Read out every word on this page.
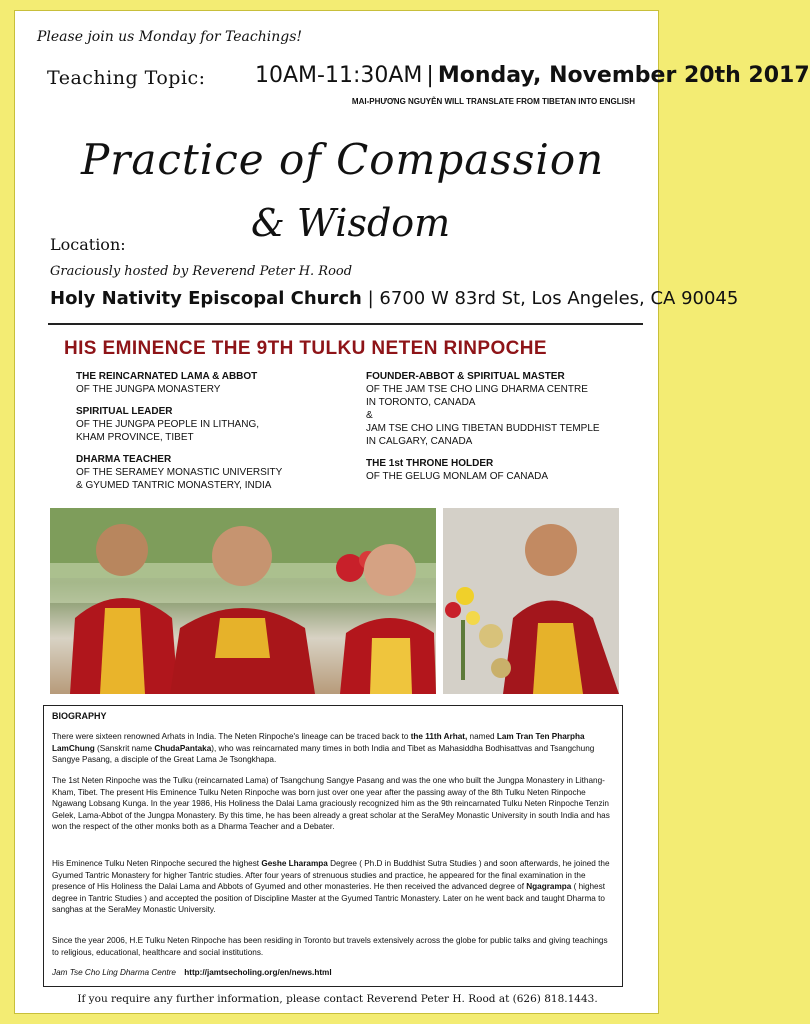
Please join us Monday for Teachings!
Teaching Topic: 10AM-11:30AM | Monday, November 20th 2017
MAI-PHƯƠNG NGUYỄN WILL TRANSLATE FROM TIBETAN INTO ENGLISH
Practice of Compassion
& Wisdom
Location:
Graciously hosted by Reverend Peter H. Rood
Holy Nativity Episcopal Church | 6700 W 83rd St, Los Angeles, CA 90045
HIS EMINENCE THE 9TH TULKU NETEN RINPOCHE
THE REINCARNATED LAMA & ABBOT
OF THE JUNGPA MONASTERY
SPIRITUAL LEADER
OF THE JUNGPA PEOPLE IN LITHANG,
KHAM PROVINCE, TIBET
DHARMA TEACHER
OF THE SERAMEY MONASTIC UNIVERSITY
& GYUMED TANTRIC MONASTERY, INDIA
FOUNDER-ABBOT & SPIRITUAL MASTER
OF THE JAM TSE CHO LING DHARMA CENTRE
IN TORONTO, CANADA
&
JAM TSE CHO LING TIBETAN BUDDHIST TEMPLE
IN CALGARY, CANADA
THE 1st THRONE HOLDER
OF THE GELUG MONLAM OF CANADA
BIOGRAPHY
There were sixteen renowned Arhats in India. The Neten Rinpoche's lineage can be traced back to the 11th Arhat, named Lam Tran Ten Pharpha LamChung (Sanskrit name ChudaPantaka), who was reincarnated many times in both India and Tibet as Mahasiddha Bodhisattvas and Tsangchung Sangye Pasang, a disciple of the Great Lama Je Tsongkhapa.
The 1st Neten Rinpoche was the Tulku (reincarnated Lama) of Tsangchung Sangye Pasang and was the one who built the Jungpa Monastery in Lithang-Kham, Tibet. The present His Eminence Tulku Neten Rinpoche was born just over one year after the passing away of the 8th Tulku Neten Rinpoche Ngawang Lobsang Kunga. In the year 1986, His Holiness the Dalai Lama graciously recognized him as the 9th reincarnated Tulku Neten Rinpoche Tenzin Gelek, Lama-Abbot of the Jungpa Monastery. By this time, he has been already a great scholar at the SeraMey Monastic University in south India and has won the respect of the other monks both as a Dharma Teacher and a Debater.
His Eminence Tulku Neten Rinpoche secured the highest Geshe Lharampa Degree ( Ph.D in Buddhist Sutra Studies ) and soon afterwards, he joined the Gyumed Tantric Monastery for higher Tantric studies. After four years of strenuous studies and practice, he appeared for the final examination in the presence of His Holiness the Dalai Lama and Abbots of Gyumed and other monasteries. He then received the advanced degree of Ngagrampa ( highest degree in Tantric Studies ) and accepted the position of Discipline Master at the Gyumed Tantric Monastery. Later on he went back and taught Dharma to sanghas at the SeraMey Monastic University.
Since the year 2006, H.E Tulku Neten Rinpoche has been residing in Toronto but travels extensively across the globe for public talks and giving teachings to religious, educational, healthcare and social institutions.
Jam Tse Cho Ling Dharma Centre http://jamtsecholing.org/en/news.html
If you require any further information, please contact Reverend Peter H. Rood at (626) 818.1443.
